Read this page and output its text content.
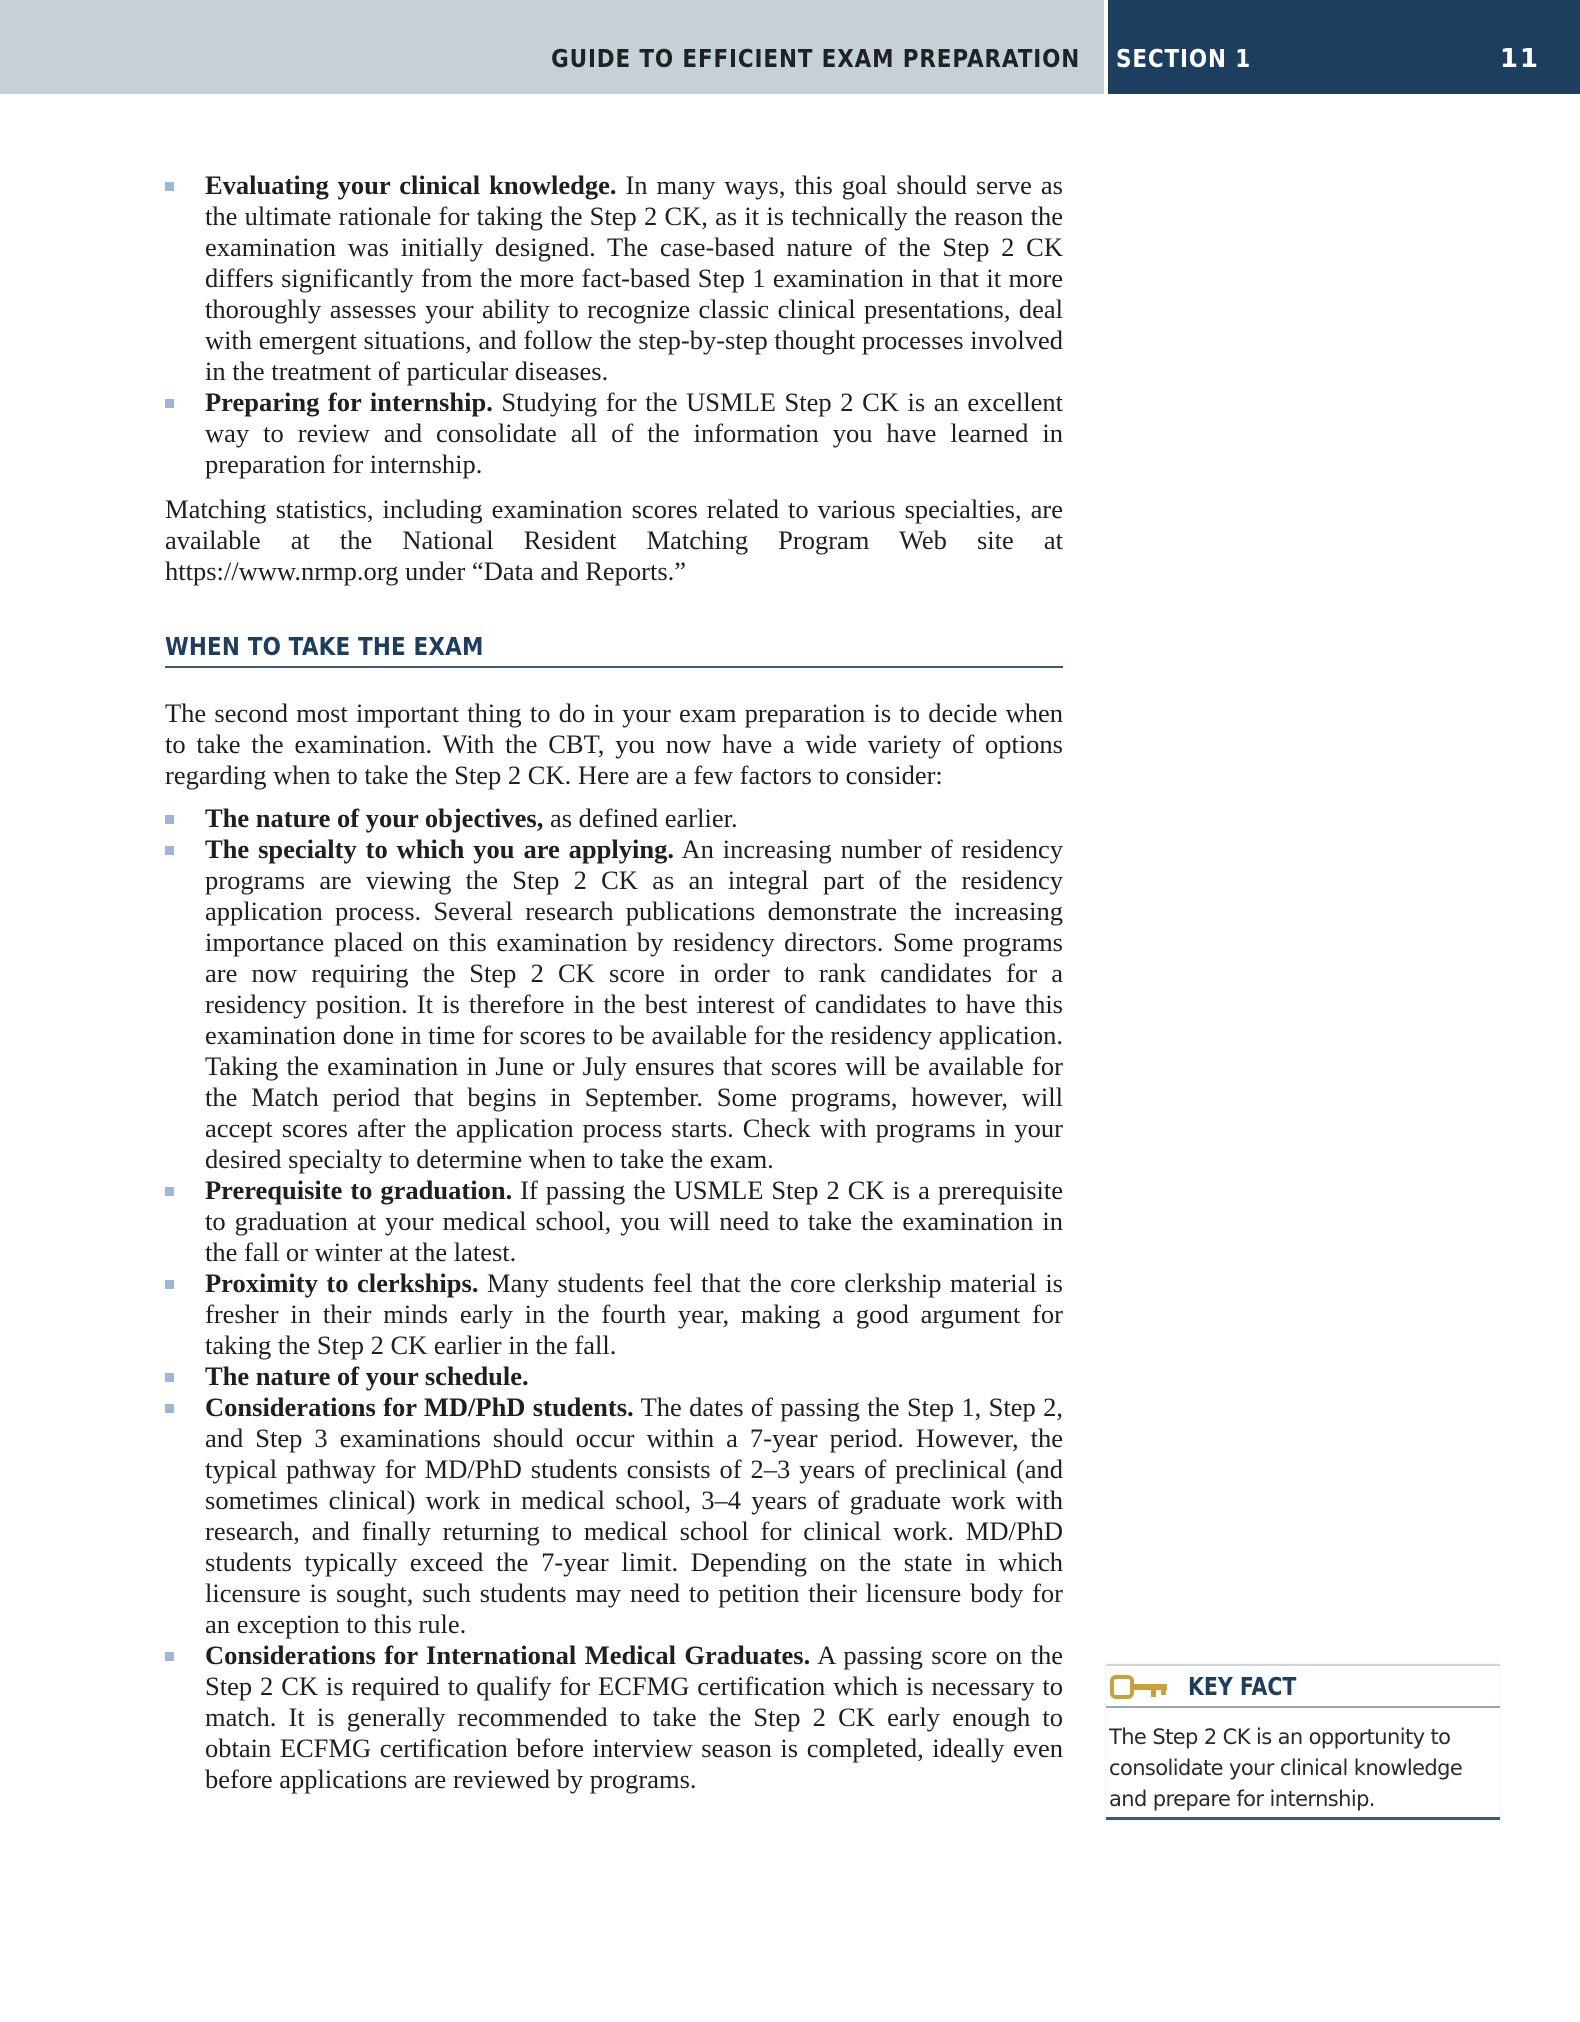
GUIDE TO EFFICIENT EXAM PREPARATION SECTION 1	11
Evaluating your clinical knowledge. In many ways, this goal should serve as the ultimate rationale for taking the Step 2 CK, as it is technically the reason the examination was initially designed. The case-based nature of the Step 2 CK differs significantly from the more fact-based Step 1 examination in that it more thoroughly assesses your ability to recognize classic clinical presentations, deal with emergent situations, and follow the step-by-step thought processes involved in the treatment of particular diseases.
Preparing for internship. Studying for the USMLE Step 2 CK is an excellent way to review and consolidate all of the information you have learned in preparation for internship.

Matching statistics, including examination scores related to various specialties, are available at the National Resident Matching Program Web site at https://www.nrmp.org under “Data and Reports.”

WHEN TO TAKE THE EXAM

The second most important thing to do in your exam preparation is to decide when to take the examination. With the CBT, you now have a wide variety of options regarding when to take the Step 2 CK. Here are a few factors to consider:

The nature of your objectives, as defined earlier.
The specialty to which you are applying. An increasing number of residency programs are viewing the Step 2 CK as an integral part of the residency application process. Several research publications demonstrate the increasing importance placed on this examination by residency directors. Some programs are now requiring the Step 2 CK score in order to rank candidates for a residency position. It is therefore in the best interest of candidates to have this examination done in time for scores to be available for the residency application. Taking the examination in June or July ensures that scores will be available for the Match period that begins in September. Some programs, however, will accept scores after the application process starts. Check with programs in your desired specialty to determine when to take the exam.
Prerequisite to graduation. If passing the USMLE Step 2 CK is a prerequisite to graduation at your medical school, you will need to take the examination in the fall or winter at the latest.
Proximity to clerkships. Many students feel that the core clerkship material is fresher in their minds early in the fourth year, making a good argument for taking the Step 2 CK earlier in the fall.
The nature of your schedule.
Considerations for MD/PhD students. The dates of passing the Step 1, Step 2, and Step 3 examinations should occur within a 7-year period. However, the typical pathway for MD/PhD students consists of 2–3 years of preclinical (and sometimes clinical) work in medical school, 3–4 years of graduate work with research, and finally returning to medical school for clinical work. MD/PhD students typically exceed the 7-year limit. Depending on the state in which licensure is sought, such students may need to petition their licensure body for an exception to this rule.
Considerations for International Medical Graduates. A passing score on the Step 2 CK is required to qualify for ECFMG certification which is necessary to match. It is generally recommended to take the Step 2 CK early enough to obtain ECFMG certification before interview season is completed, ideally even before applications are reviewed by programs.
KEY FACT
The Step 2 CK is an opportunity to consolidate your clinical knowledge and prepare for internship.
